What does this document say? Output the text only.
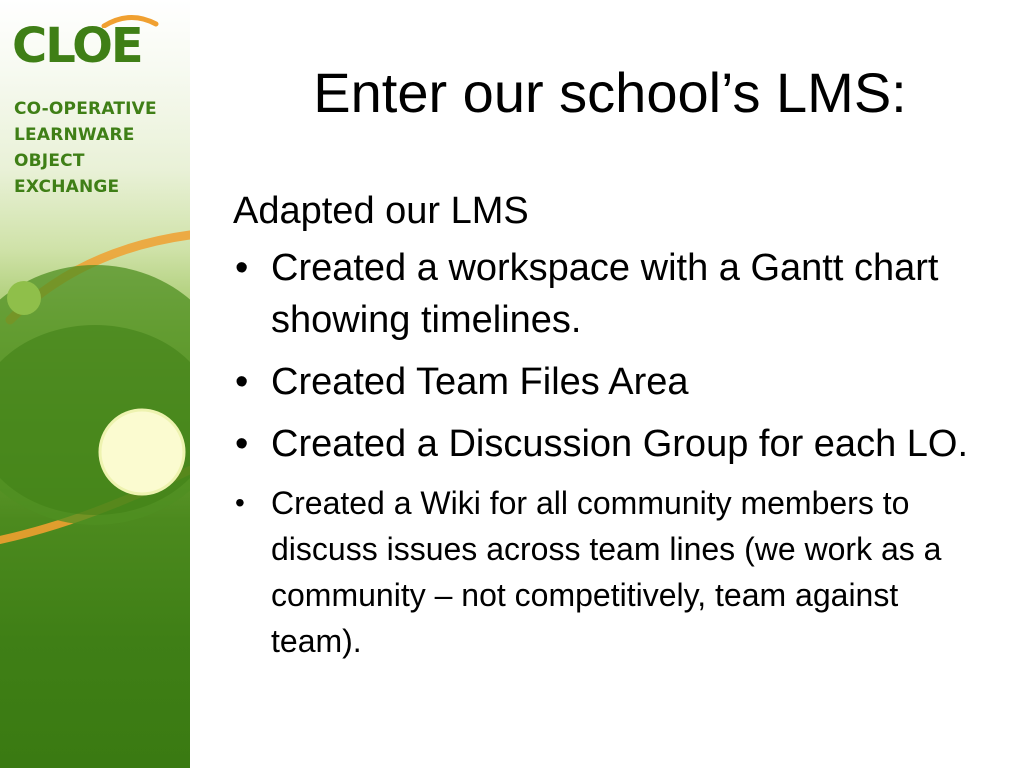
CLOE
CO-OPERATIVE
LEARNWARE
OBJECT
EXCHANGE
Enter our school’s LMS:

Adapted our LMS

• Created a workspace with a Gantt chart showing timelines.
• Created Team Files Area
• Created a Discussion Group for each LO.
• Created a Wiki for all community members to discuss issues across team lines (we work as a community – not competitively, team against team).
